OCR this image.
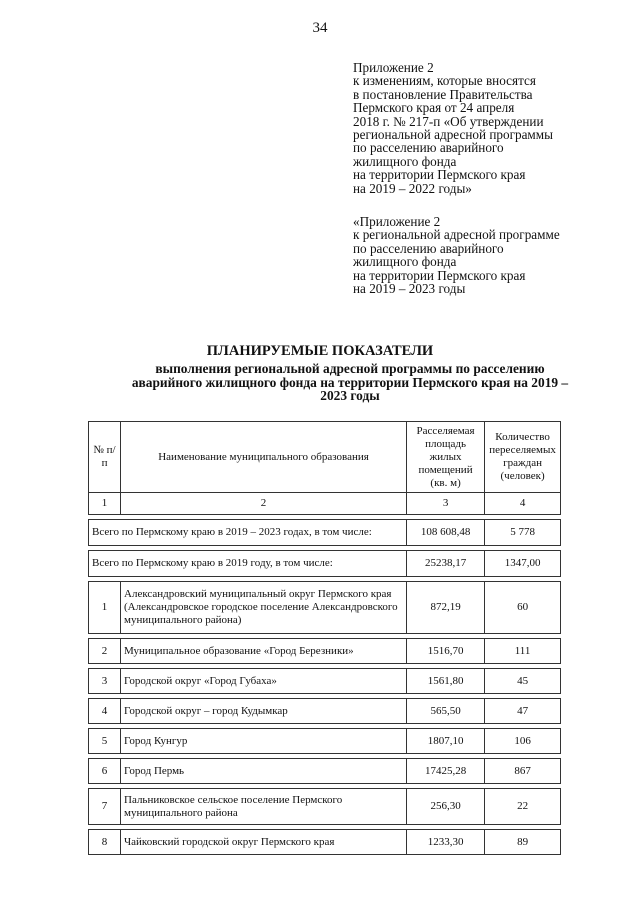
34
Приложение 2
к изменениям, которые вносятся
в постановление Правительства
Пермского края от 24 апреля
2018 г. № 217-п «Об утверждении
региональной адресной программы
по расселению аварийного
жилищного фонда
на территории Пермского края
на 2019 – 2022 годы»
«Приложение 2
к региональной адресной программе
по расселению аварийного
жилищного фонда
на территории Пермского края
на 2019 – 2023 годы
ПЛАНИРУЕМЫЕ ПОКАЗАТЕЛИ
выполнения региональной адресной программы по расселению аварийного жилищного фонда на территории Пермского края на 2019 – 2023 годы
№ п/п	Наименование муниципального образования	Расселяемая площадь жилых помещений (кв. м)	Количество переселяемых граждан (человек)
1	2	3	4

Всего по Пермскому краю в 2019 – 2023 годах, в том числе:		108 608,48	5 778

Всего по Пермскому краю в 2019 году, в том числе:		25238,17	1347,00

1	Александровский муниципальный округ Пермского края (Александровское городское поселение Александровского муниципального района)	872,19	60

2	Муниципальное образование «Город Березники»	1516,70	111

3	Городской округ «Город Губаха»	1561,80	45

4	Городской округ – город Кудымкар	565,50	47

5	Город Кунгур	1807,10	106

6	Город Пермь	17425,28	867

7	Пальниковское сельское поселение Пермского муниципального района	256,30	22

8	Чайковский городской округ Пермского края	1233,30	89
